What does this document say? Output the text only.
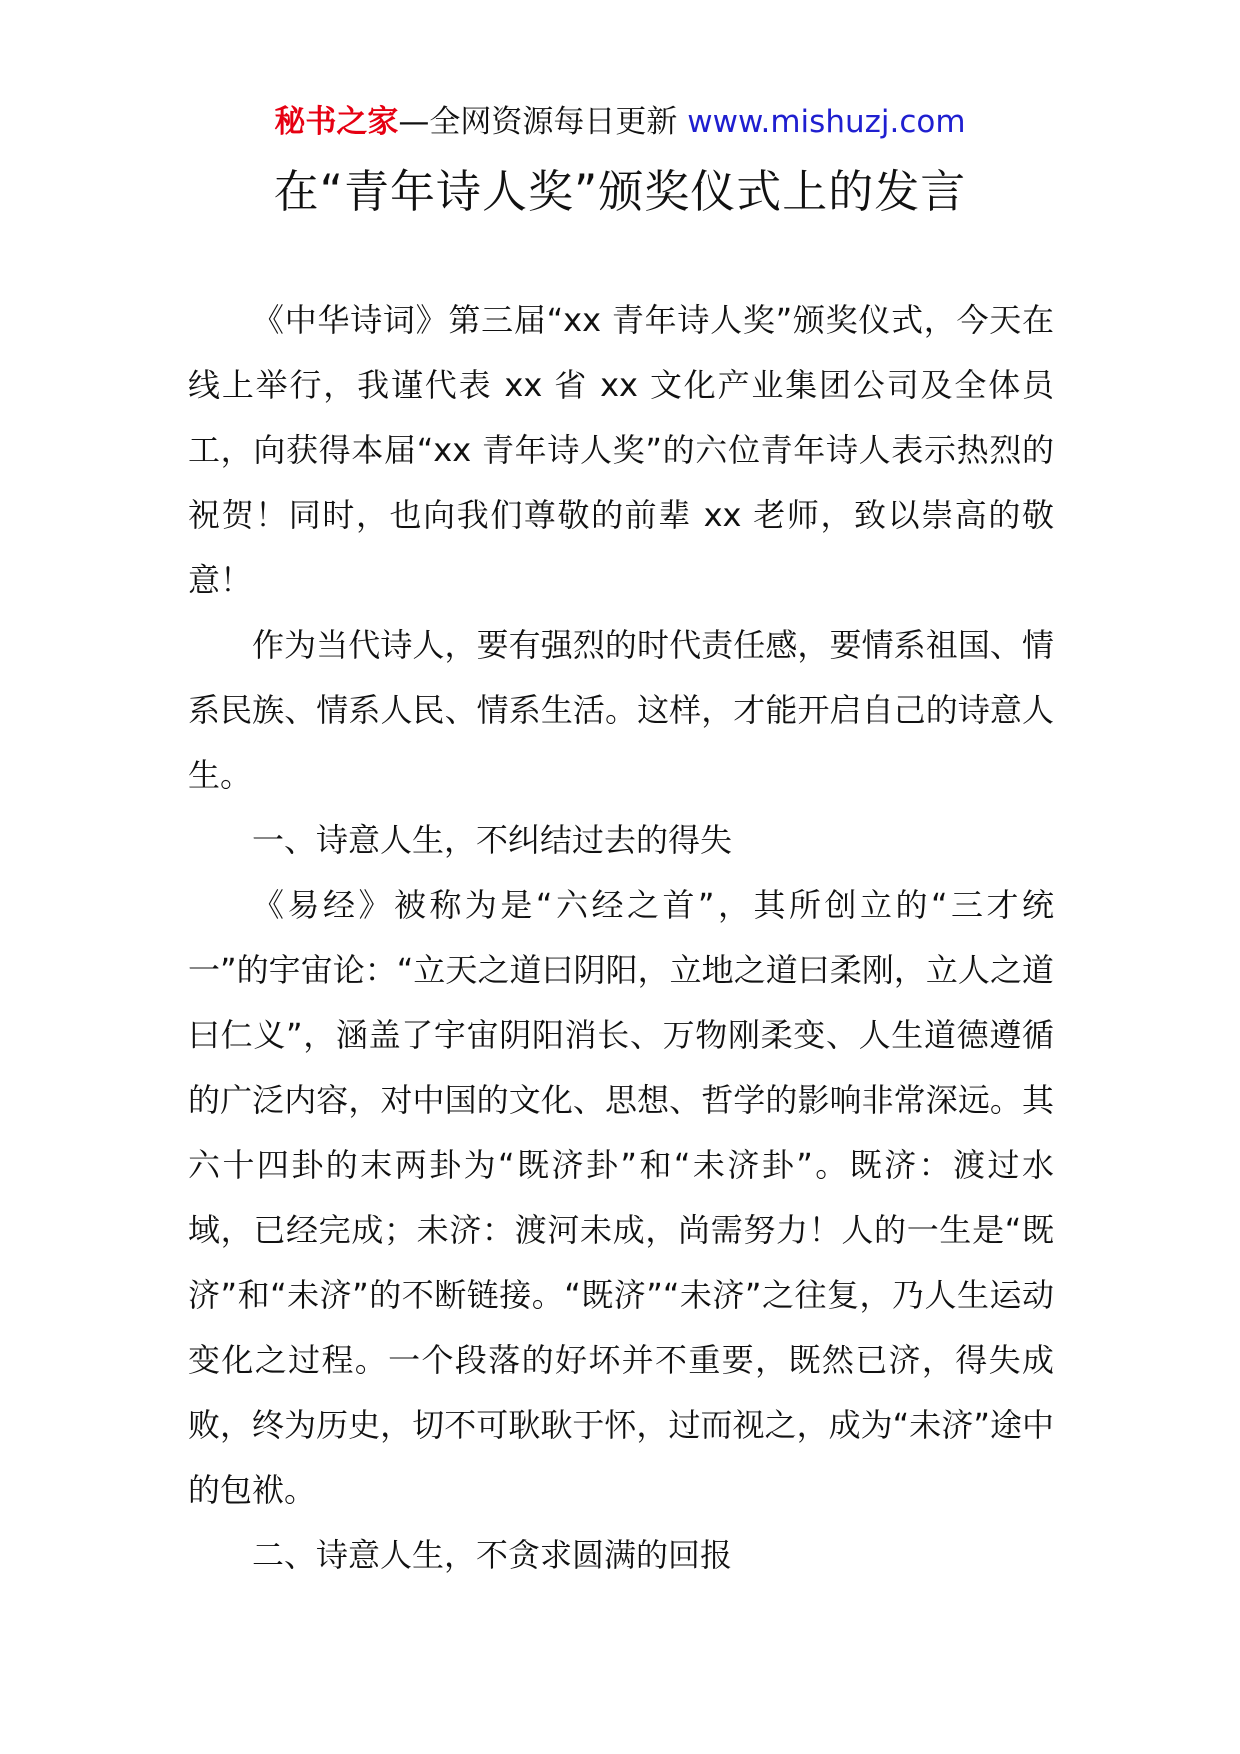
秘书之家—全网资源每日更新 www.mishuzj.com
在“青年诗人奖”颁奖仪式上的发言

《中华诗词》第三届“xx 青年诗人奖”颁奖仪式，今天在线上举行，我谨代表 xx 省 xx 文化产业集团公司及全体员工，向获得本届“xx 青年诗人奖”的六位青年诗人表示热烈的祝贺！同时，也向我们尊敬的前辈 xx 老师，致以崇高的敬意！

作为当代诗人，要有强烈的时代责任感，要情系祖国、情系民族、情系人民、情系生活。这样，才能开启自己的诗意人生。

一、诗意人生，不纠结过去的得失

《易经》被称为是“六经之首”，其所创立的“三才统一”的宇宙论：“立天之道曰阴阳，立地之道曰柔刚，立人之道曰仁义”，涵盖了宇宙阴阳消长、万物刚柔变、人生道德遵循的广泛内容，对中国的文化、思想、哲学的影响非常深远。其六十四卦的末两卦为“既济卦”和“未济卦”。既济：渡过水域，已经完成；未济：渡河未成，尚需努力！人的一生是“既济”和“未济”的不断链接。“既济”“未济”之往复，乃人生运动变化之过程。一个段落的好坏并不重要，既然已济，得失成败，终为历史，切不可耿耿于怀，过而视之，成为“未济”途中的包袱。

二、诗意人生，不贪求圆满的回报
